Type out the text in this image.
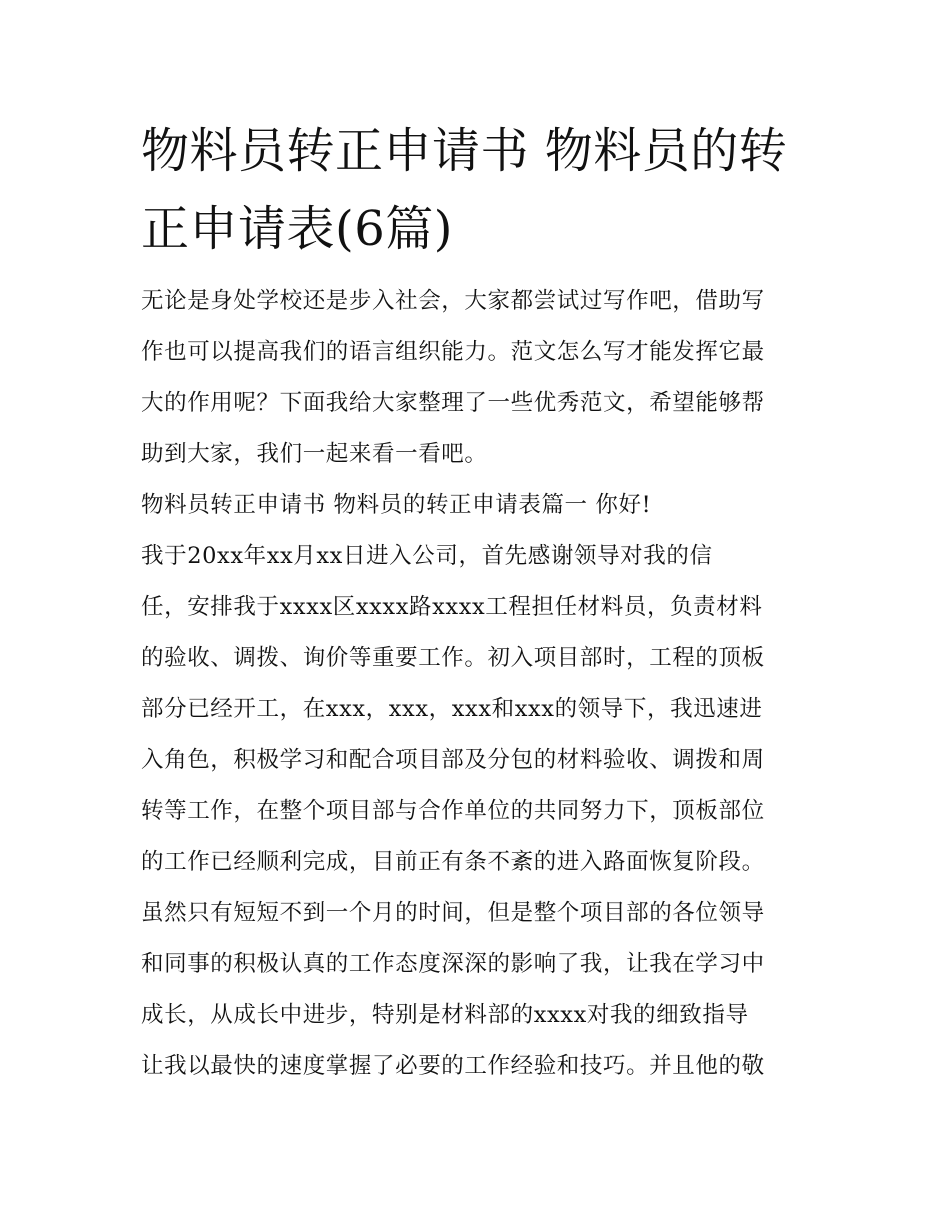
物料员转正申请书 物料员的转
正申请表(6篇)
无论是身处学校还是步入社会，大家都尝试过写作吧，借助写
作也可以提高我们的语言组织能力。范文怎么写才能发挥它最
大的作用呢？下面我给大家整理了一些优秀范文，希望能够帮
助到大家，我们一起来看一看吧。
物料员转正申请书 物料员的转正申请表篇一 你好!
我于20xx年xx月xx日进入公司，首先感谢领导对我的信
任，安排我于xxxx区xxxx路xxxx工程担任材料员，负责材料
的验收、调拨、询价等重要工作。初入项目部时，工程的顶板
部分已经开工，在xxx，xxx，xxx和xxx的领导下，我迅速进
入角色，积极学习和配合项目部及分包的材料验收、调拨和周
转等工作，在整个项目部与合作单位的共同努力下，顶板部位
的工作已经顺利完成，目前正有条不紊的进入路面恢复阶段。
虽然只有短短不到一个月的时间，但是整个项目部的各位领导
和同事的积极认真的工作态度深深的影响了我，让我在学习中
成长，从成长中进步，特别是材料部的xxxx对我的细致指导
让我以最快的速度掌握了必要的工作经验和技巧。并且他的敬
